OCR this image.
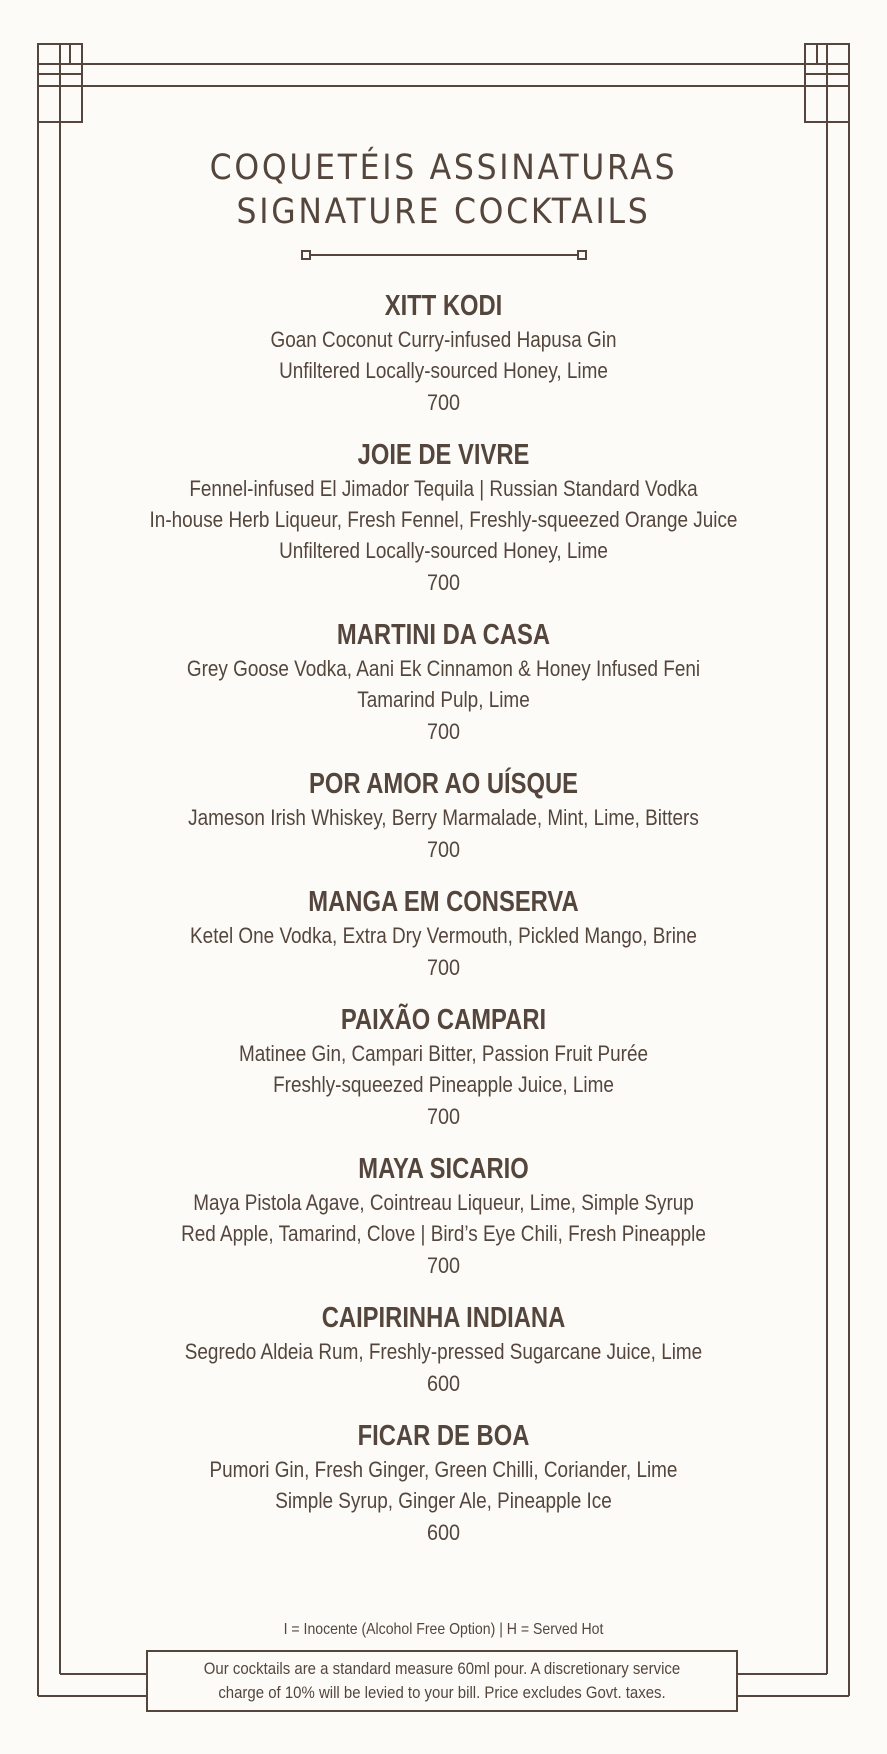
COQUETÉIS ASSINATURAS
SIGNATURE COCKTAILS
XITT KODI
Goan Coconut Curry-infused Hapusa Gin
Unfiltered Locally-sourced Honey, Lime
700
JOIE DE VIVRE
Fennel-infused El Jimador Tequila | Russian Standard Vodka
In-house Herb Liqueur, Fresh Fennel, Freshly-squeezed Orange Juice
Unfiltered Locally-sourced Honey, Lime
700
MARTINI DA CASA
Grey Goose Vodka, Aani Ek Cinnamon & Honey Infused Feni
Tamarind Pulp, Lime
700
POR AMOR AO UÍSQUE
Jameson Irish Whiskey, Berry Marmalade, Mint, Lime, Bitters
700
MANGA EM CONSERVA
Ketel One Vodka, Extra Dry Vermouth, Pickled Mango, Brine
700
PAIXÃO CAMPARI
Matinee Gin, Campari Bitter, Passion Fruit Purée
Freshly-squeezed Pineapple Juice, Lime
700
MAYA SICARIO
Maya Pistola Agave, Cointreau Liqueur, Lime, Simple Syrup
Red Apple, Tamarind, Clove | Bird’s Eye Chili, Fresh Pineapple
700
CAIPIRINHA INDIANA
Segredo Aldeia Rum, Freshly-pressed Sugarcane Juice, Lime
600
FICAR DE BOA
Pumori Gin, Fresh Ginger, Green Chilli, Coriander, Lime
Simple Syrup, Ginger Ale, Pineapple Ice
600
I = Inocente (Alcohol Free Option) | H = Served Hot
Our cocktails are a standard measure 60ml pour. A discretionary service
charge of 10% will be levied to your bill. Price excludes Govt. taxes.
